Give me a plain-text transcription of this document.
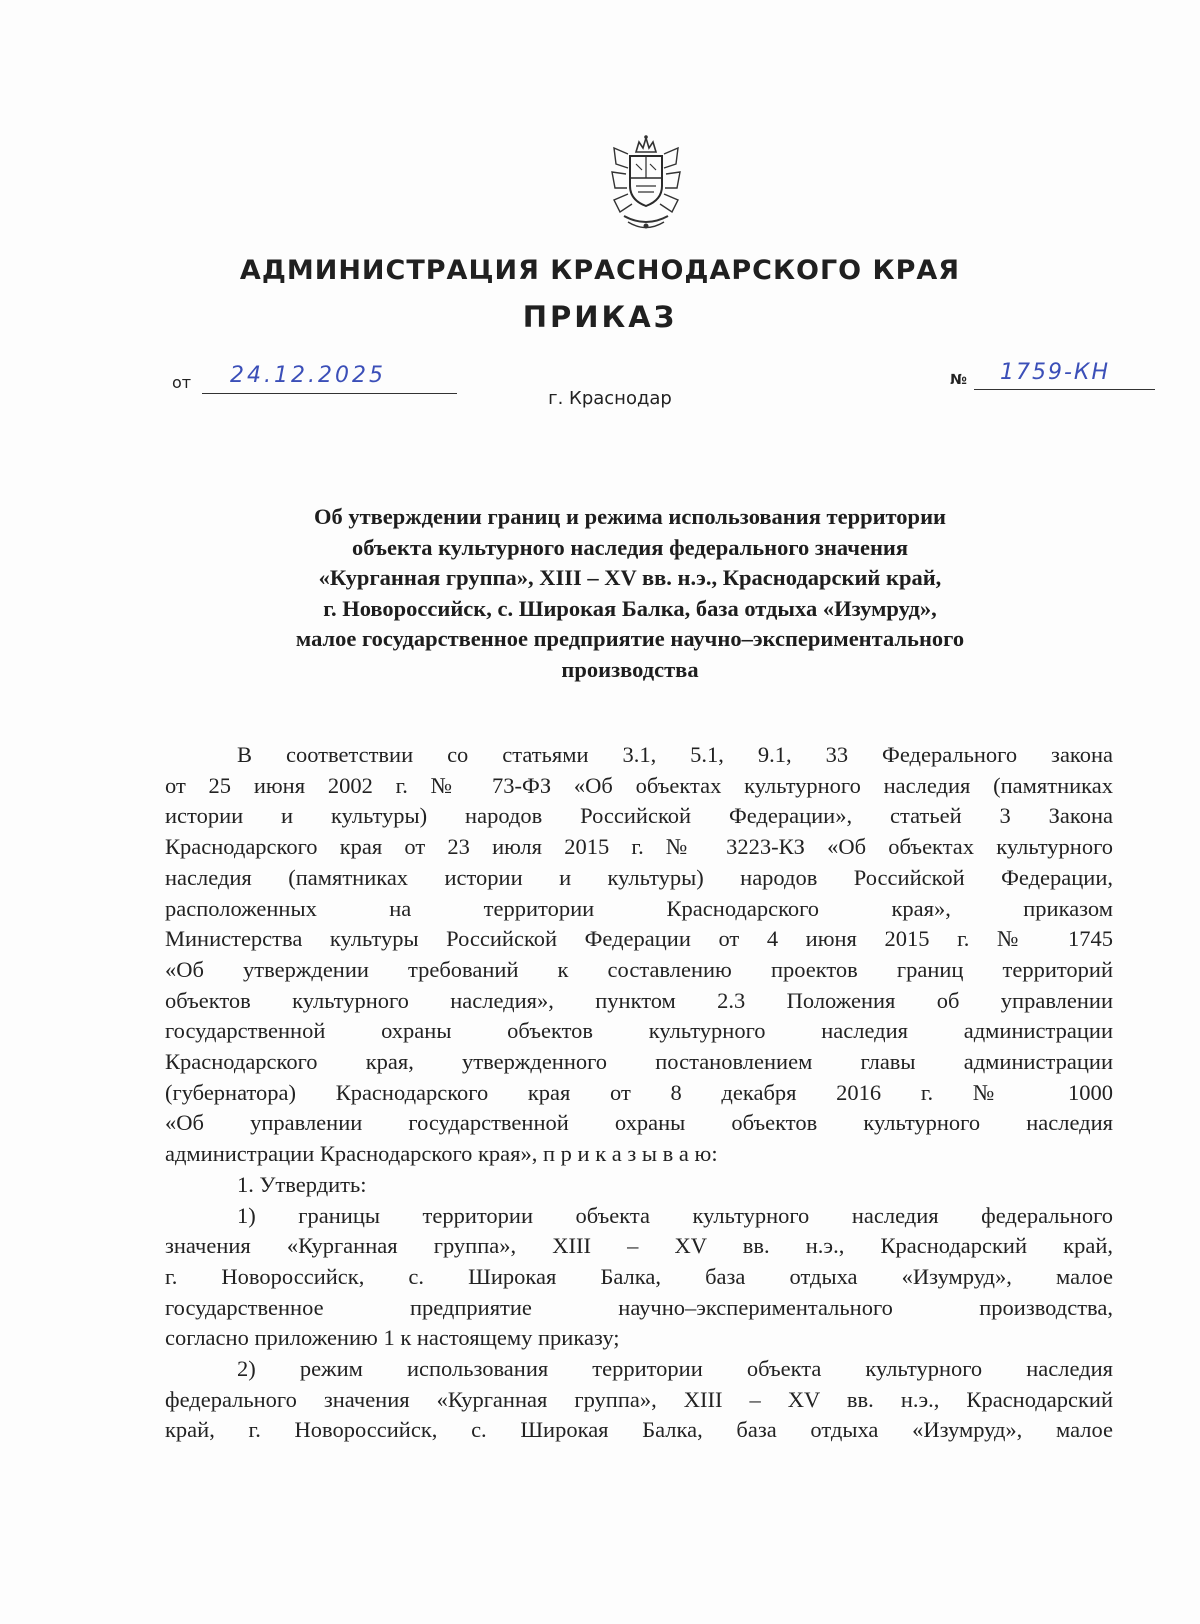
АДМИНИСТРАЦИЯ КРАСНОДАРСКОГО КРАЯ
ПРИКАЗ
от 24.12.2025	№ 1759-КН
г. Краснодар
Об утверждении границ и режима использования территории
объекта культурного наследия федерального значения
«Курганная группа», XIII – XV вв. н.э., Краснодарский край,
г. Новороссийск, с. Широкая Балка, база отдыха «Изумруд»,
малое государственное предприятие научно–экспериментального
производства
В соответствии со статьями 3.1, 5.1, 9.1, 33 Федерального закона
от 25 июня 2002 г. № 73-ФЗ «Об объектах культурного наследия (памятниках
истории и культуры) народов Российской Федерации», статьей 3 Закона
Краснодарского края от 23 июля 2015 г. № 3223-КЗ «Об объектах культурного
наследия (памятниках истории и культуры) народов Российской Федерации,
расположенных на территории Краснодарского края», приказом
Министерства культуры Российской Федерации от 4 июня 2015 г. № 1745
«Об утверждении требований к составлению проектов границ территорий
объектов культурного наследия», пунктом 2.3 Положения об управлении
государственной охраны объектов культурного наследия администрации
Краснодарского края, утвержденного постановлением главы администрации
(губернатора) Краснодарского края от 8 декабря 2016 г. № 1000
«Об управлении государственной охраны объектов культурного наследия
администрации Краснодарского края», п р и к а з ы в а ю:
1. Утвердить:
1) границы территории объекта культурного наследия федерального
значения «Курганная группа», XIII – XV вв. н.э., Краснодарский край,
г. Новороссийск, с. Широкая Балка, база отдыха «Изумруд», малое
государственное предприятие научно–экспериментального производства,
согласно приложению 1 к настоящему приказу;
2) режим использования территории объекта культурного наследия
федерального значения «Курганная группа», XIII – XV вв. н.э., Краснодарский
край, г. Новороссийск, с. Широкая Балка, база отдыха «Изумруд», малое
